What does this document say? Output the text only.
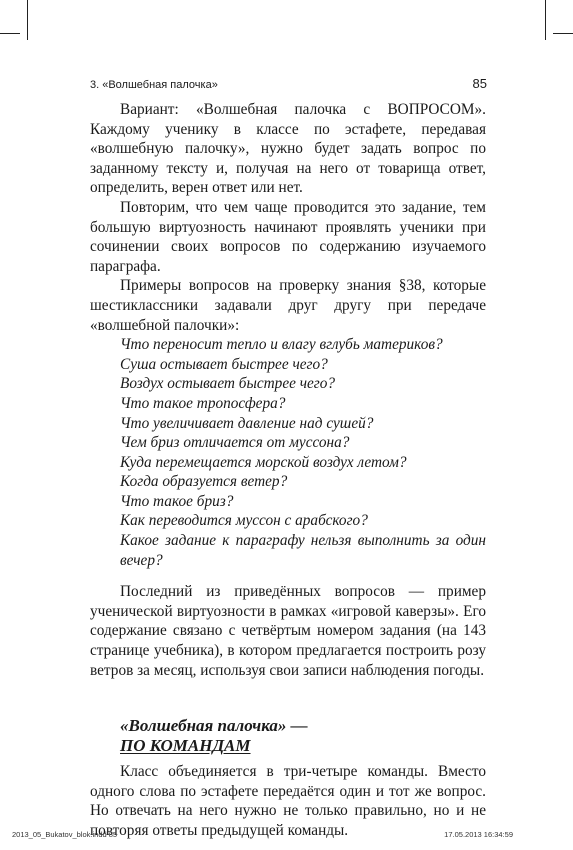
3. «Волшебная палочка»	85

Вариант: «Волшебная палочка с ВОПРОСОМ». Каждому ученику в классе по эстафете, передавая «волшебную палочку», нужно будет задать вопрос по заданному тексту и, получая на него от товарища ответ, определить, верен ответ или нет.

Повторим, что чем чаще проводится это задание, тем большую виртуозность начинают проявлять ученики при сочинении своих вопросов по содержанию изучаемого параграфа.

Примеры вопросов на проверку знания §38, которые шестиклассники задавали друг другу при передаче «волшебной палочки»:

Что переносит тепло и влагу вглубь материков?
Суша остывает быстрее чего?
Воздух остывает быстрее чего?
Что такое тропосфера?
Что увеличивает давление над сушей?
Чем бриз отличается от муссона?
Куда перемещается морской воздух летом?
Когда образуется ветер?
Что такое бриз?
Как переводится муссон с арабского?
Какое задание к параграфу нельзя выполнить за один
вечер?

Последний из приведённых вопросов — пример ученической виртуозности в рамках «игровой каверзы». Его содержание связано с четвёртым номером задания (на 143 странице учебника), в котором предлагается построить розу ветров за месяц, используя свои записи наблюдения погоды.

«Волшебная палочка» —
ПО КОМАНДАМ

Класс объединяется в три-четыре команды. Вместо одного слова по эстафете передаётся один и тот же вопрос. Но отвечать на него нужно не только правильно, но и не повторяя ответы предыдущей команды.

2013_05_Bukatov_blok.indd 85	17.05.2013 16:34:59
